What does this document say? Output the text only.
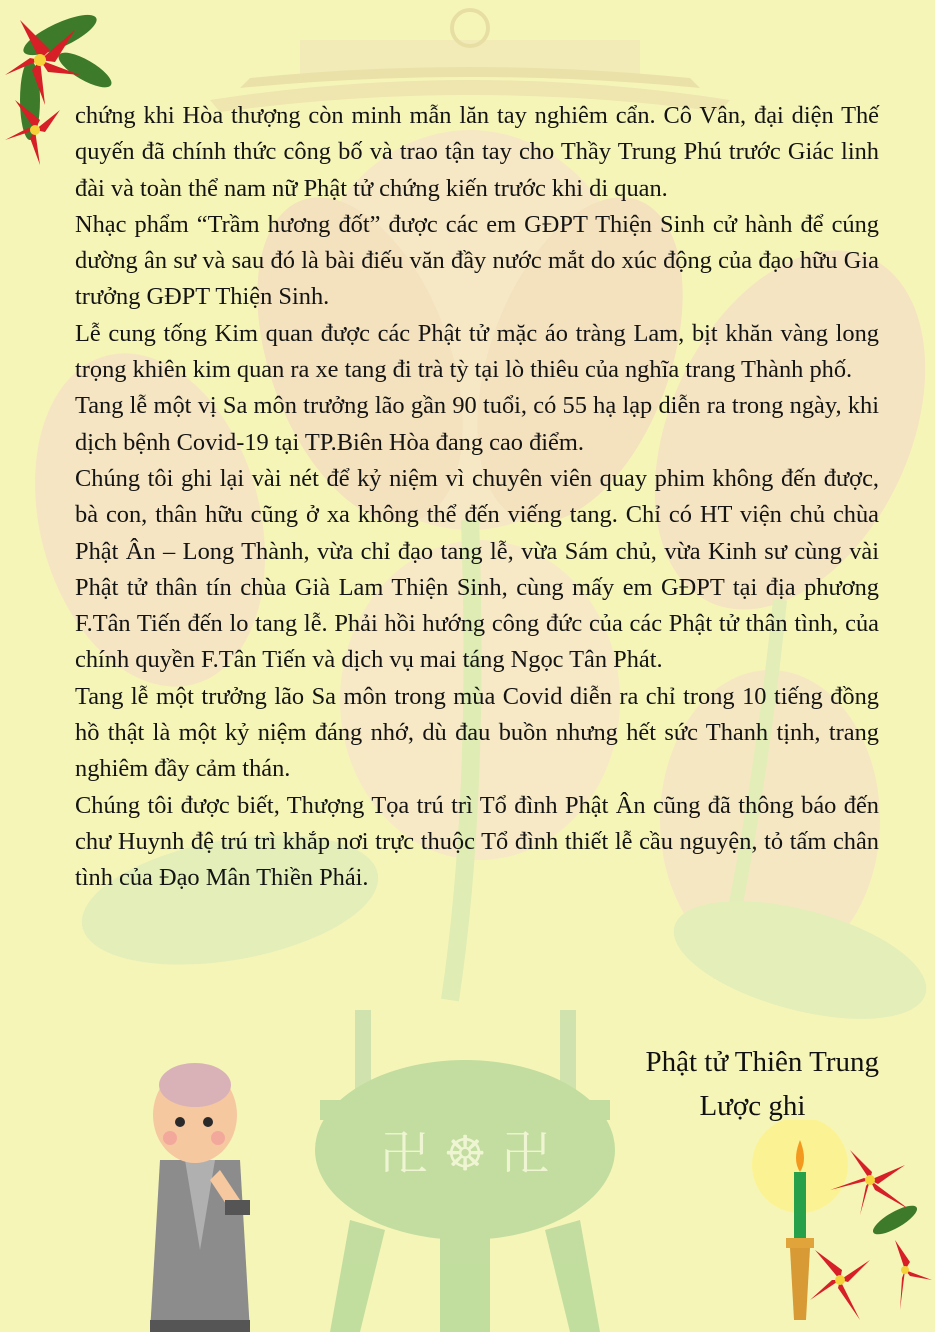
卍 ☸ 卍

chứng khi Hòa thượng còn minh mẫn lăn tay nghiêm cẩn. Cô Vân, đại diện Thế quyến đã chính thức công bố và trao tận tay cho Thầy Trung Phú trước Giác linh đài và toàn thể nam nữ Phật tử chứng kiến trước khi di quan.

Nhạc phẩm “Trầm hương đốt” được các em GĐPT Thiện Sinh cử hành để cúng dường ân sư và sau đó là bài điếu văn đầy nước mắt do xúc động của đạo hữu Gia trưởng GĐPT Thiện Sinh.

Lễ cung tống Kim quan được các Phật tử mặc áo tràng Lam, bịt khăn vàng long trọng khiên kim quan ra xe tang đi trà tỳ tại lò thiêu của nghĩa trang Thành phố.

Tang lễ một vị Sa môn trưởng lão gần 90 tuổi, có 55 hạ lạp diễn ra trong ngày, khi dịch bệnh Covid-19 tại TP.Biên Hòa đang cao điểm.

Chúng tôi ghi lại vài nét để kỷ niệm vì chuyên viên quay phim không đến được, bà con, thân hữu cũng ở xa không thể đến viếng tang. Chỉ có HT viện chủ chùa Phật Ân – Long Thành, vừa chỉ đạo tang lễ, vừa Sám chủ, vừa Kinh sư cùng vài Phật tử thân tín chùa Già Lam Thiện Sinh, cùng mấy em GĐPT tại địa phương F.Tân Tiến đến lo tang lễ. Phải hồi hướng công đức của các Phật tử thân tình, của chính quyền F.Tân Tiến và dịch vụ mai táng Ngọc Tân Phát.

Tang lễ một trưởng lão Sa môn trong mùa Covid diễn ra chỉ trong 10 tiếng đồng hồ thật là một kỷ niệm đáng nhớ, dù đau buồn nhưng hết sức Thanh tịnh, trang nghiêm đầy cảm thán.

Chúng tôi được biết, Thượng Tọa trú trì Tổ đình Phật Ân cũng đã thông báo đến chư Huynh đệ trú trì khắp nơi trực thuộc Tổ đình thiết lễ cầu nguyện, tỏ tấm chân tình của Đạo Mân Thiền Phái.

Phật tử Thiên Trung
Lược ghi
